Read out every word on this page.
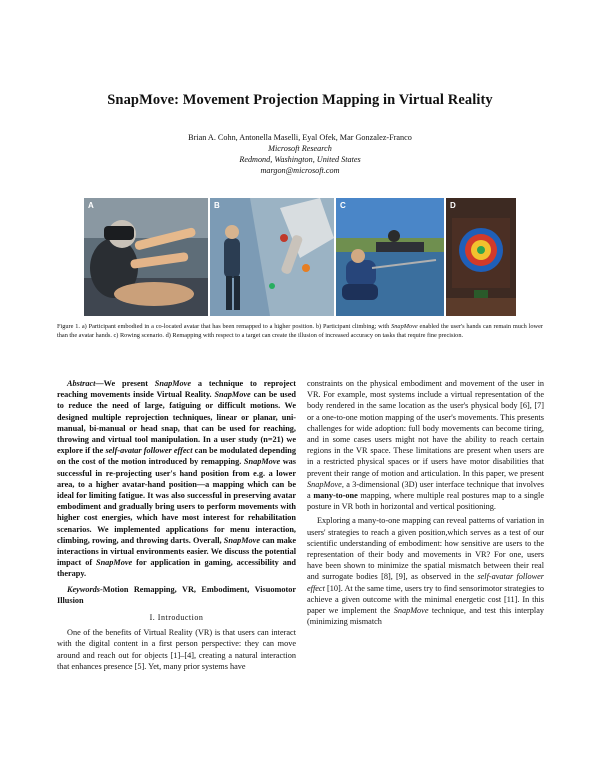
SnapMove: Movement Projection Mapping in Virtual Reality
Brian A. Cohn, Antonella Maselli, Eyal Ofek, Mar Gonzalez-Franco
Microsoft Research
Redmond, Washington, United States
margon@microsoft.com
A	B	C	D
Figure 1. a) Participant embodied in a co-located avatar that has been remapped to a higher position. b) Participant climbing; with SnapMove enabled the user's hands can remain much lower than the avatar hands. c) Rowing scenario. d) Remapping with respect to a target can create the illusion of increased accuracy on tasks that require fine precision.

Abstract—We present SnapMove a technique to reproject reaching movements inside Virtual Reality. SnapMove can be used to reduce the need of large, fatiguing or difficult motions. We designed multiple reprojection techniques, linear or planar, uni-manual, bi-manual or head snap, that can be used for reaching, throwing and virtual tool manipulation. In a user study (n=21) we explore if the self-avatar follower effect can be modulated depending on the cost of the motion introduced by remapping. SnapMove was successful in re-projecting user's hand position from e.g. a lower area, to a higher avatar-hand position—a mapping which can be ideal for limiting fatigue. It was also successful in preserving avatar embodiment and gradually bring users to perform movements with higher cost energies, which have most interest for rehabilitation scenarios. We implemented applications for menu interaction, climbing, rowing, and throwing darts. Overall, SnapMove can make interactions in virtual environments easier. We discuss the potential impact of SnapMove for application in gaming, accessibility and therapy.

Keywords-Motion Remapping, VR, Embodiment, Visuomotor Illusion

I. Introduction

One of the benefits of Virtual Reality (VR) is that users can interact with the digital content in a first person perspective: they can move around and reach out for objects [1]–[4], creating a natural interaction that enhances presence [5]. Yet, many prior systems have

constraints on the physical embodiment and movement of the user in VR. For example, most systems include a virtual representation of the body rendered in the same location as the user's physical body [6], [7] or a one-to-one motion mapping of the user's movements. This presents challenges for wide adoption: full body movements can become tiring, and in some cases users might not have the ability to reach certain regions in the VR space. These limitations are present when users are in a restricted physical spaces or if users have motor disabilities that prevent their range of motion and articulation. In this paper, we present SnapMove, a 3-dimensional (3D) user interface technique that involves a many-to-one mapping, where multiple real postures map to a single posture in VR both in horizontal and vertical positioning.

Exploring a many-to-one mapping can reveal patterns of variation in users' strategies to reach a given position,which serves as a test of our scientific understanding of embodiment: how sensitive are users to the representation of their body and movements in VR? For one, users have been shown to minimize the spatial mismatch between their real and surrogate bodies [8], [9], as observed in the self-avatar follower effect [10]. At the same time, users try to find sensorimotor strategies to achieve a given outcome with the minimal energetic cost [11]. In this paper we implement the SnapMove technique, and test this interplay (minimizing mismatch
